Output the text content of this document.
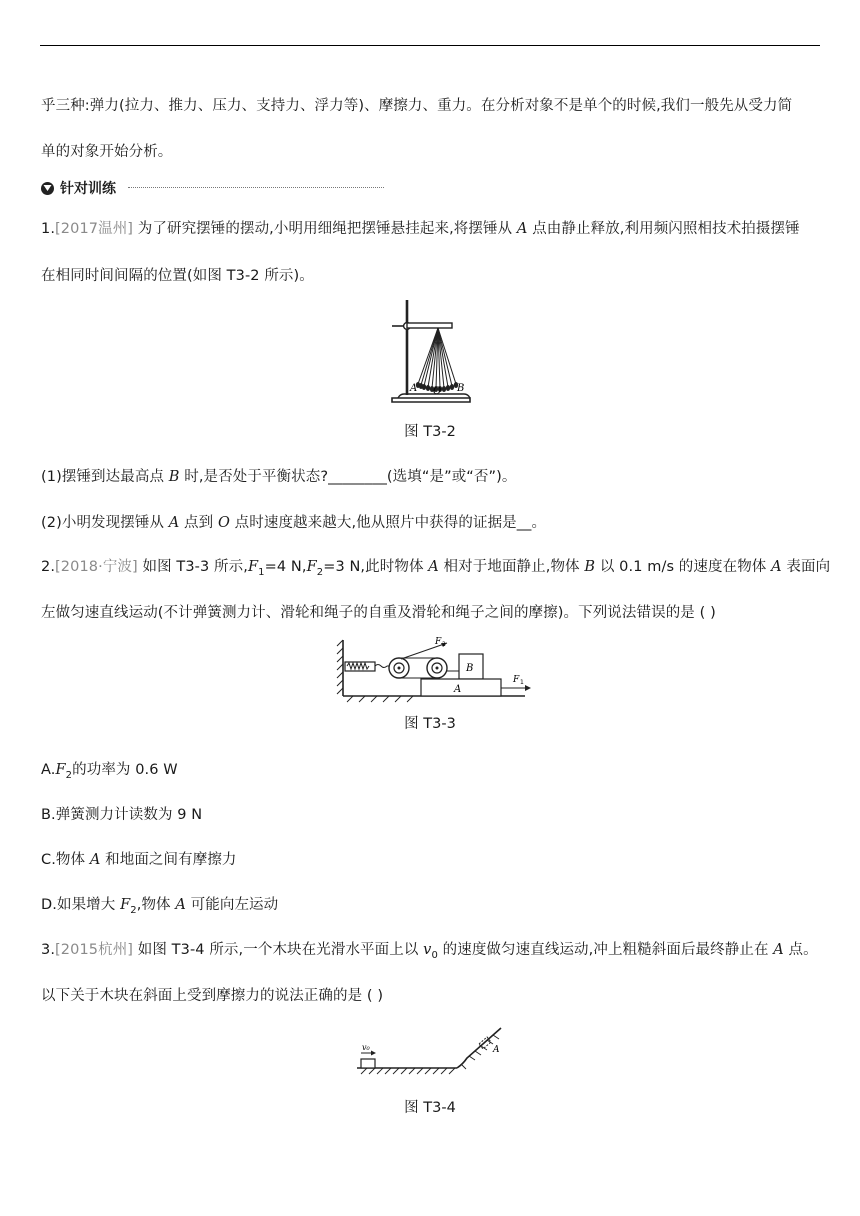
乎三种:弹力(拉力、推力、压力、支持力、浮力等)、摩擦力、重力。在分析对象不是单个的时候,我们一般先从受力简
单的对象开始分析。
针对训练
1.[2017温州] 为了研究摆锤的摆动,小明用细绳把摆锤悬挂起来,将摆锤从 A 点由静止释放,利用频闪照相技术拍摄摆锤
在相同时间间隔的位置(如图 T3-2 所示)。
A O B
图 T3-2
(1)摆锤到达最高点 B 时,是否处于平衡状态?________(选填“是”或“否”)。
(2)小明发现摆锤从 A 点到 O 点时速度越来越大,他从照片中获得的证据是__。
2.[2018·宁波] 如图 T3-3 所示$,F_1=4$ $N,F_2=3$ N,此时物体 A 相对于地面静止,物体 B 以 0.1 m/s 的速度在物体 A 表面向
左做匀速直线运动(不计弹簧测力计、滑轮和绳子的自重及滑轮和绳子之间的摩擦)。下列说法错误的是 ( )
F 2
B
A
F 1
图 T3-3
$A.F_2$的功率为 0.6 W
B.弹簧测力计读数为 9 N
C.物体 A 和地面之间有摩擦力
D.如果增大 $F_2$,物体 A 可能向左运动
3.[2015杭州] 如图 T3-4 所示,一个木块在光滑水平面上以 $v_0$ 的速度做匀速直线运动,冲上粗糙斜面后最终静止在 A 点。
以下关于木块在斜面上受到摩擦力的说法正确的是 ( )
A
v₀
图 T3-4
